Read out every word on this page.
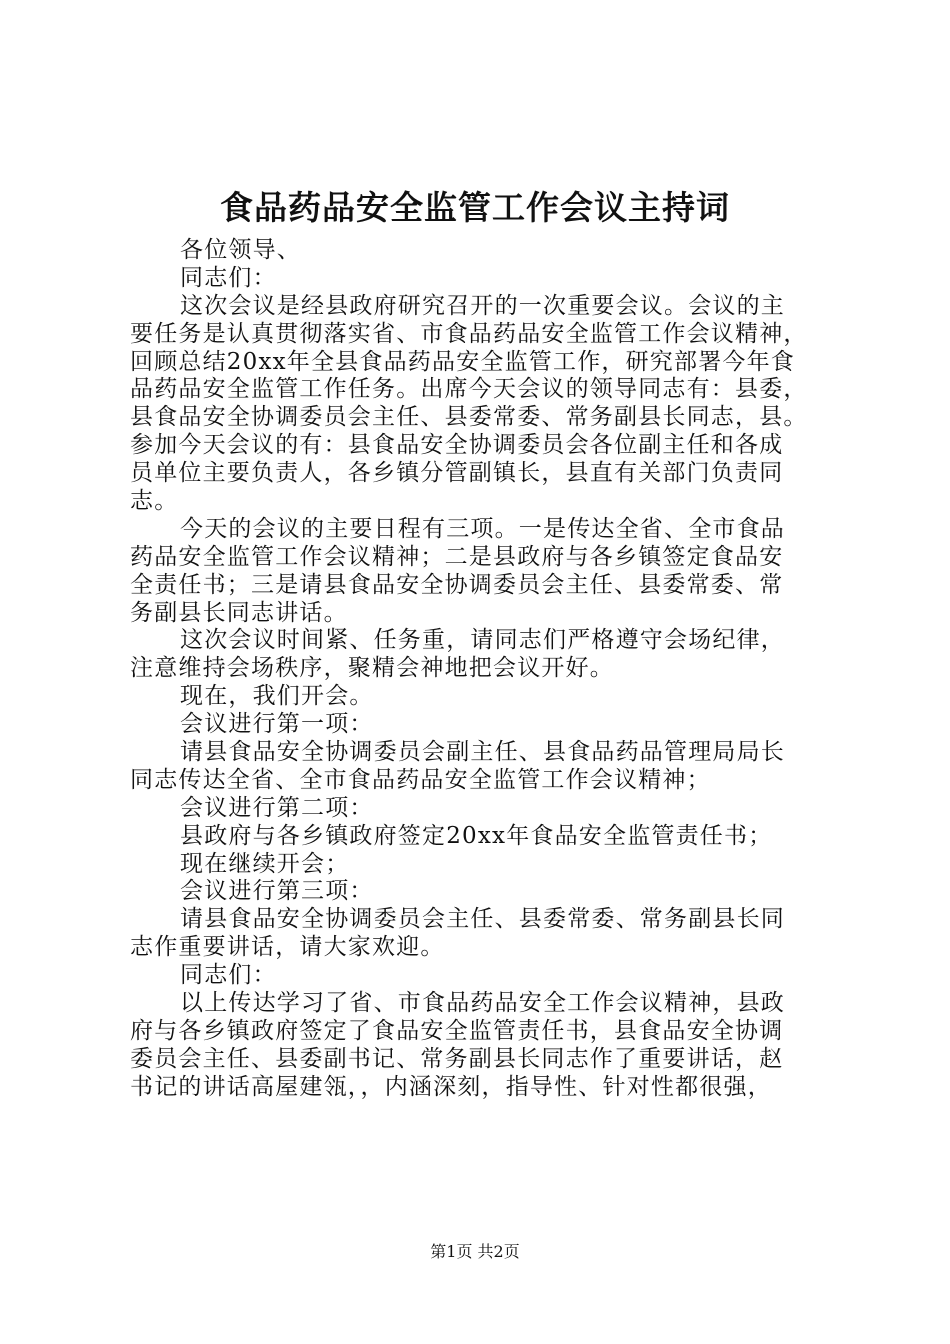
食品药品安全监管工作会议主持词
各位领导、
同志们：
这次会议是经县政府研究召开的一次重要会议。会议的主
要任务是认真贯彻落实省、市食品药品安全监管工作会议精神，
回顾总结20xx年全县食品药品安全监管工作，研究部署今年食
品药品安全监管工作任务。出席今天会议的领导同志有：县委，
县食品安全协调委员会主任、县委常委、常务副县长同志，县。
参加今天会议的有：县食品安全协调委员会各位副主任和各成
员单位主要负责人，各乡镇分管副镇长，县直有关部门负责同
志。
今天的会议的主要日程有三项。一是传达全省、全市食品
药品安全监管工作会议精神；二是县政府与各乡镇签定食品安
全责任书；三是请县食品安全协调委员会主任、县委常委、常
务副县长同志讲话。
这次会议时间紧、任务重，请同志们严格遵守会场纪律，
注意维持会场秩序，聚精会神地把会议开好。
现在，我们开会。
会议进行第一项：
请县食品安全协调委员会副主任、县食品药品管理局局长
同志传达全省、全市食品药品安全监管工作会议精神；
会议进行第二项：
县政府与各乡镇政府签定20xx年食品安全监管责任书；
现在继续开会；
会议进行第三项：
请县食品安全协调委员会主任、县委常委、常务副县长同
志作重要讲话，请大家欢迎。
同志们：
以上传达学习了省、市食品药品安全工作会议精神，县政
府与各乡镇政府签定了食品安全监管责任书，县食品安全协调
委员会主任、县委副书记、常务副县长同志作了重要讲话，赵
书记的讲话高屋建瓴，，内涵深刻，指导性、针对性都很强，
第1页 共2页
